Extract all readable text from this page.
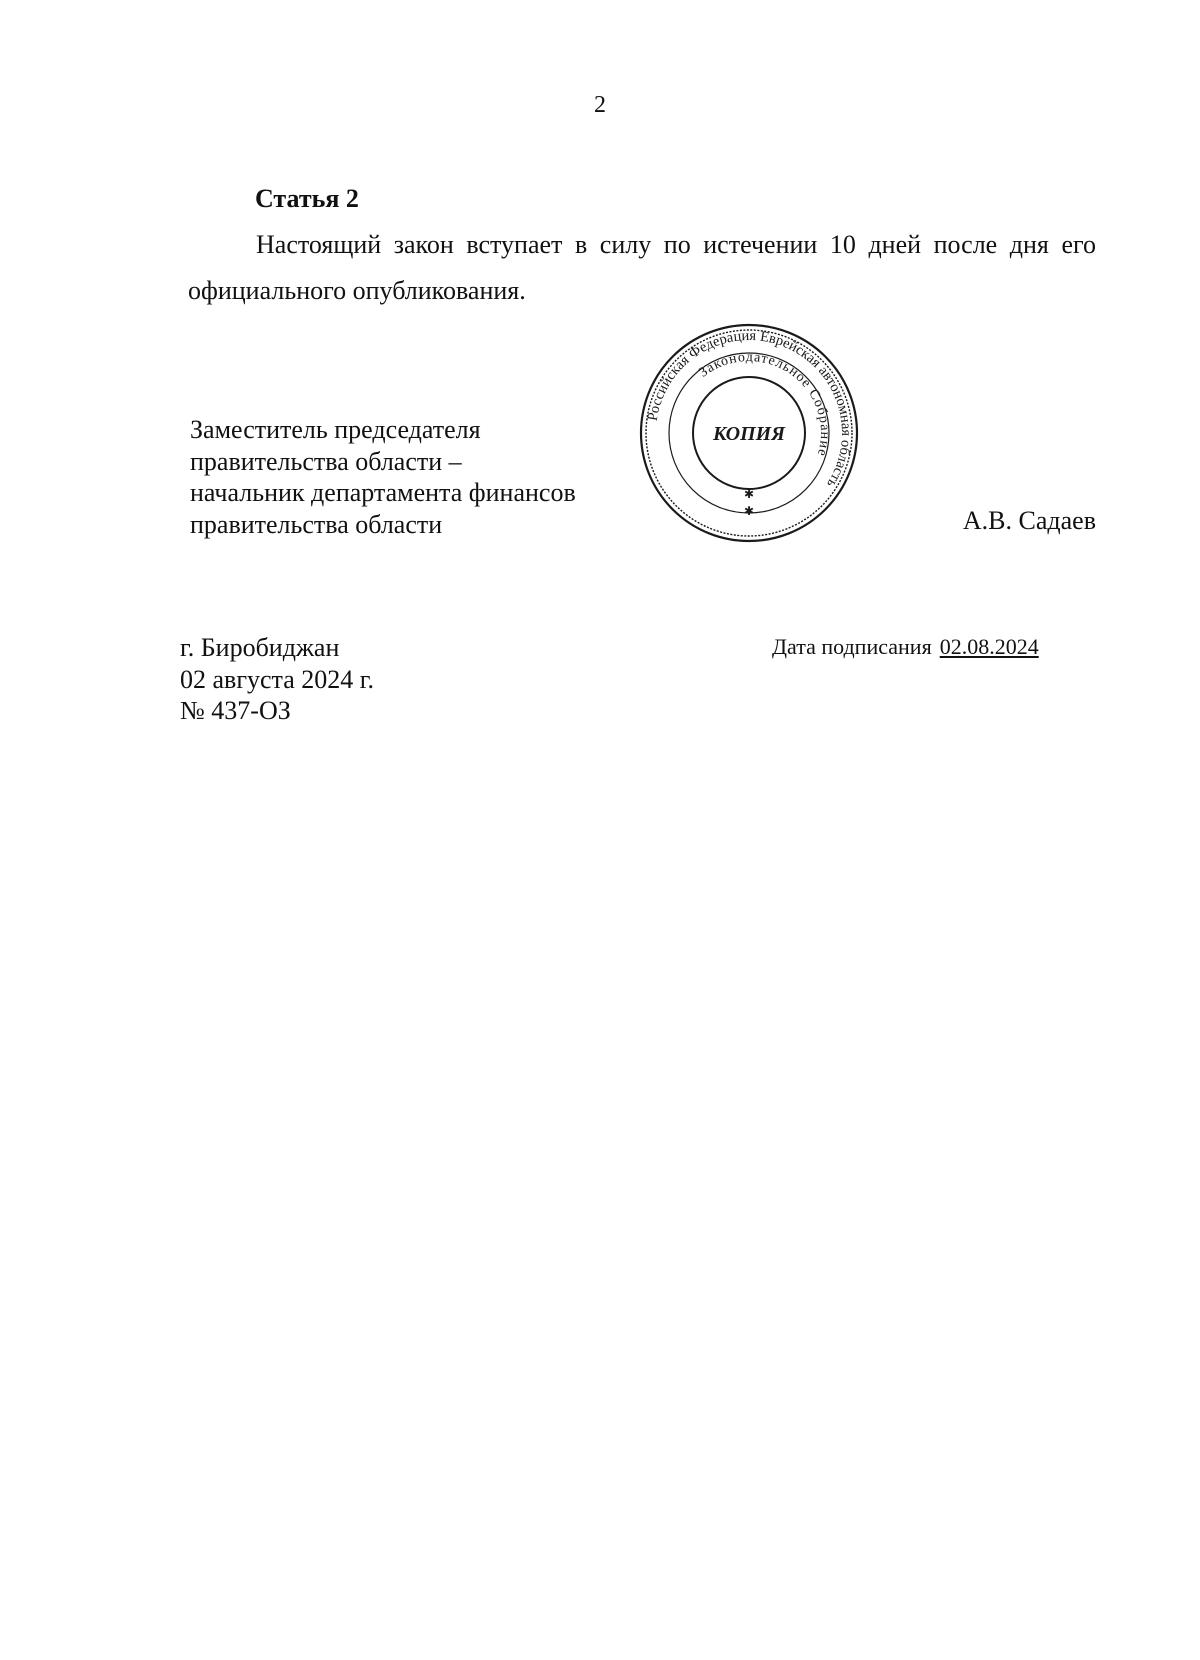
2
Статья 2
Настоящий закон вступает в силу по истечении 10 дней после дня его
официального опубликования.
Заместитель председателя
правительства области –
начальник департамента финансов
правительства области
Российская Федерация Еврейская автономная область
Законодательное Собрание
КОПИЯ
✱
✱	А.В. Садаев
г. Биробиджан
02 августа 2024 г.
№ 437-ОЗ
Дата подписания 02.08.2024
